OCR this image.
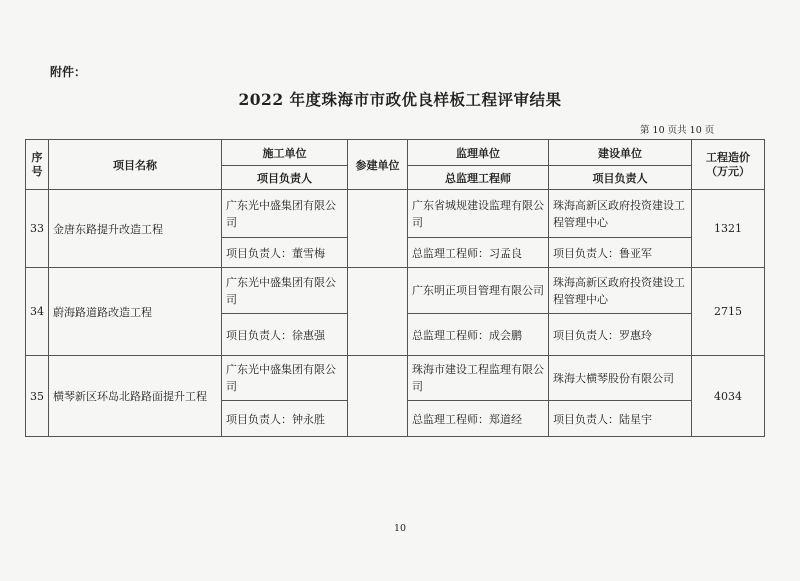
附件：
2022 年度珠海市市政优良样板工程评审结果
第 10 页共 10 页
序号	项目名称	施工单位	参建单位	监理单位	建设单位	工程造价（万元）
		项目负责人		总监理工程师	项目负责人	
33	金唐东路提升改造工程	广东光中盛集团有限公司		广东省城规建设监理有限公司	珠海高新区政府投资建设工程管理中心	1321
		项目负责人：董雪梅		总监理工程师：习孟良	项目负责人：鲁亚军	
34	蔚海路道路改造工程	广东光中盛集团有限公司		广东明正项目管理有限公司	珠海高新区政府投资建设工程管理中心	2715
		项目负责人：徐惠强		总监理工程师：成会鹏	项目负责人：罗惠玲	
35	横琴新区环岛北路路面提升工程	广东光中盛集团有限公司		珠海市建设工程监理有限公司	珠海大横琴股份有限公司	4034
		项目负责人：钟永胜		总监理工程师：郑道经	项目负责人：陆星宇	
10
